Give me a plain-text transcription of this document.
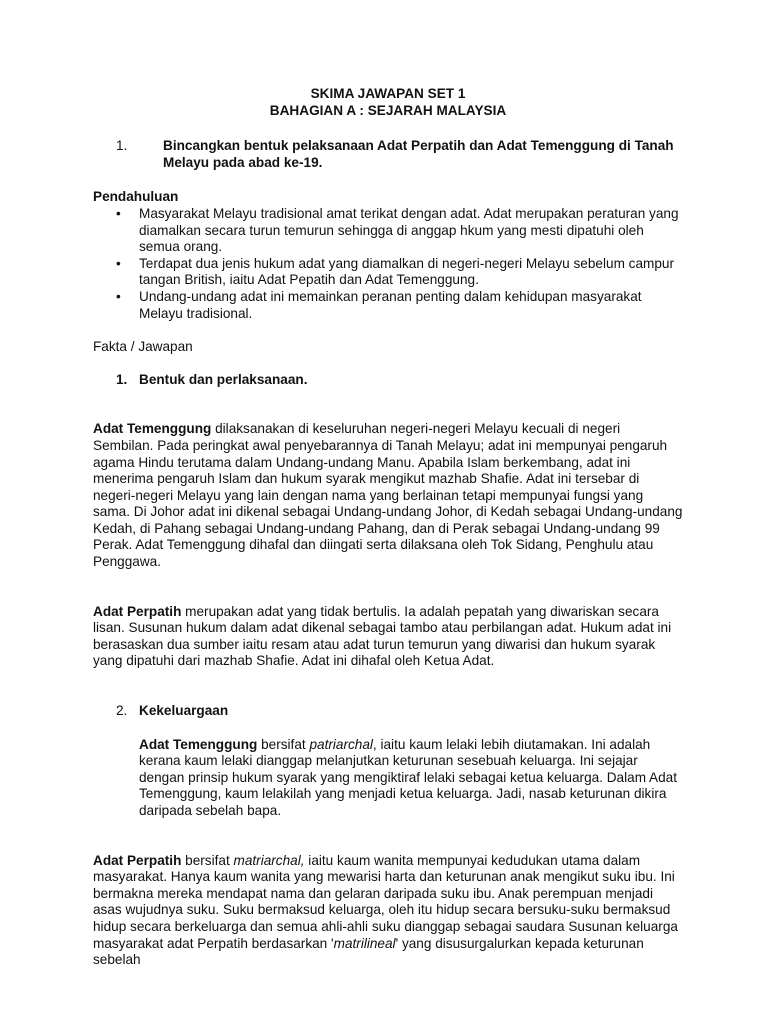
SKIMA JAWAPAN SET 1
BAHAGIAN A : SEJARAH MALAYSIA
1.	Bincangkan bentuk pelaksanaan Adat Perpatih dan Adat Temenggung di Tanah Melayu pada abad ke-19.
Pendahuluan
• Masyarakat Melayu tradisional amat terikat dengan adat. Adat merupakan peraturan yang diamalkan secara turun temurun sehingga di anggap hkum yang mesti dipatuhi oleh semua orang.
• Terdapat dua jenis hukum adat yang diamalkan di negeri-negeri Melayu sebelum campur tangan British, iaitu Adat Pepatih dan Adat Temenggung.
• Undang-undang adat ini memainkan peranan penting dalam kehidupan masyarakat Melayu tradisional.
Fakta / Jawapan
1. Bentuk dan perlaksanaan.
Adat Temenggung dilaksanakan di keseluruhan negeri-negeri Melayu kecuali di negeri Sembilan. Pada peringkat awal penyebarannya di Tanah Melayu; adat ini mempunyai pengaruh agama Hindu terutama dalam Undang-undang Manu. Apabila Islam berkembang, adat ini menerima pengaruh Islam dan hukum syarak mengikut mazhab Shafie. Adat ini tersebar di negeri-negeri Melayu yang lain dengan nama yang berlainan tetapi mempunyai fungsi yang sama. Di Johor adat ini dikenal sebagai Undang-undang Johor, di Kedah sebagai Undang-undang Kedah, di Pahang sebagai Undang-undang Pahang, dan di Perak sebagai Undang-undang 99 Perak. Adat Temenggung dihafal dan diingati serta dilaksana oleh Tok Sidang, Penghulu atau Penggawa.
Adat Perpatih merupakan adat yang tidak bertulis. Ia adalah pepatah yang diwariskan secara lisan. Susunan hukum dalam adat dikenal sebagai tambo atau perbilangan adat. Hukum adat ini berasaskan dua sumber iaitu resam atau adat turun temurun yang diwarisi dan hukum syarak yang dipatuhi dari mazhab Shafie. Adat ini dihafal oleh Ketua Adat.
2. Kekeluargaan
Adat Temenggung bersifat patriarchal, iaitu kaum lelaki lebih diutamakan. Ini adalah kerana kaum lelaki dianggap melanjutkan keturunan sesebuah keluarga. Ini sejajar dengan prinsip hukum syarak yang mengiktiraf lelaki sebagai ketua keluarga. Dalam Adat Temenggung, kaum lelakilah yang menjadi ketua keluarga. Jadi, nasab keturunan dikira daripada sebelah bapa.
Adat Perpatih bersifat matriarchal, iaitu kaum wanita mempunyai kedudukan utama dalam masyarakat. Hanya kaum wanita yang mewarisi harta dan keturunan anak mengikut suku ibu. Ini bermakna mereka mendapat nama dan gelaran daripada suku ibu. Anak perempuan menjadi asas wujudnya suku. Suku bermaksud keluarga, oleh itu hidup secara bersuku-suku bermaksud hidup secara berkeluarga dan semua ahli-ahli suku dianggap sebagai saudara Susunan keluarga masyarakat adat Perpatih berdasarkan 'matrilineal' yang disusurgalurkan kepada keturunan sebelah
